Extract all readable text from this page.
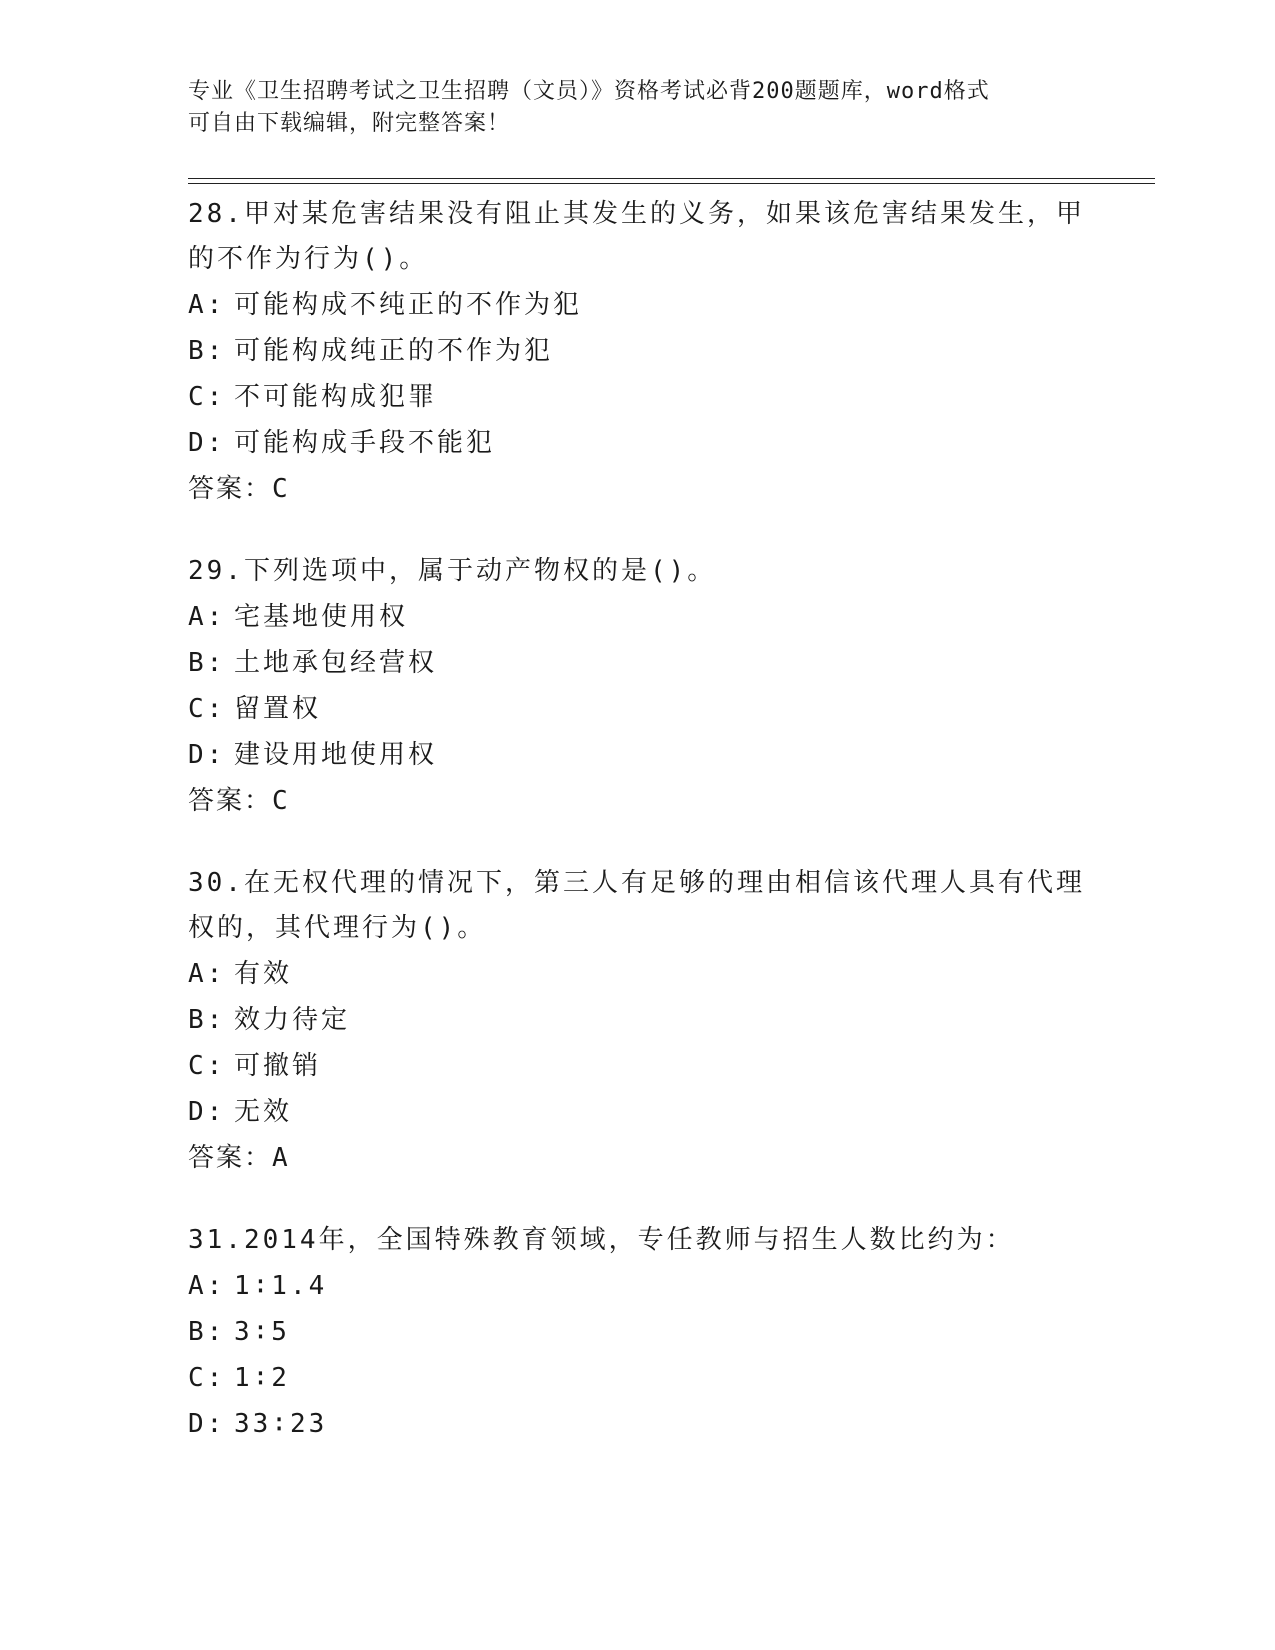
专业《卫生招聘考试之卫生招聘（文员）》资格考试必背200题题库，word格式
可自由下载编辑，附完整答案！
28.甲对某危害结果没有阻止其发生的义务，如果该危害结果发生，甲
的不作为行为()。
A: 可能构成不纯正的不作为犯
B: 可能构成纯正的不作为犯
C: 不可能构成犯罪
D: 可能构成手段不能犯
答案：C
29.下列选项中，属于动产物权的是()。
A: 宅基地使用权
B: 土地承包经营权
C: 留置权
D: 建设用地使用权
答案：C
30.在无权代理的情况下，第三人有足够的理由相信该代理人具有代理
权的，其代理行为()。
A: 有效
B: 效力待定
C: 可撤销
D: 无效
答案：A
31.2014年，全国特殊教育领域，专任教师与招生人数比约为：
A: 1∶1.4
B: 3∶5
C: 1∶2
D: 33∶23
